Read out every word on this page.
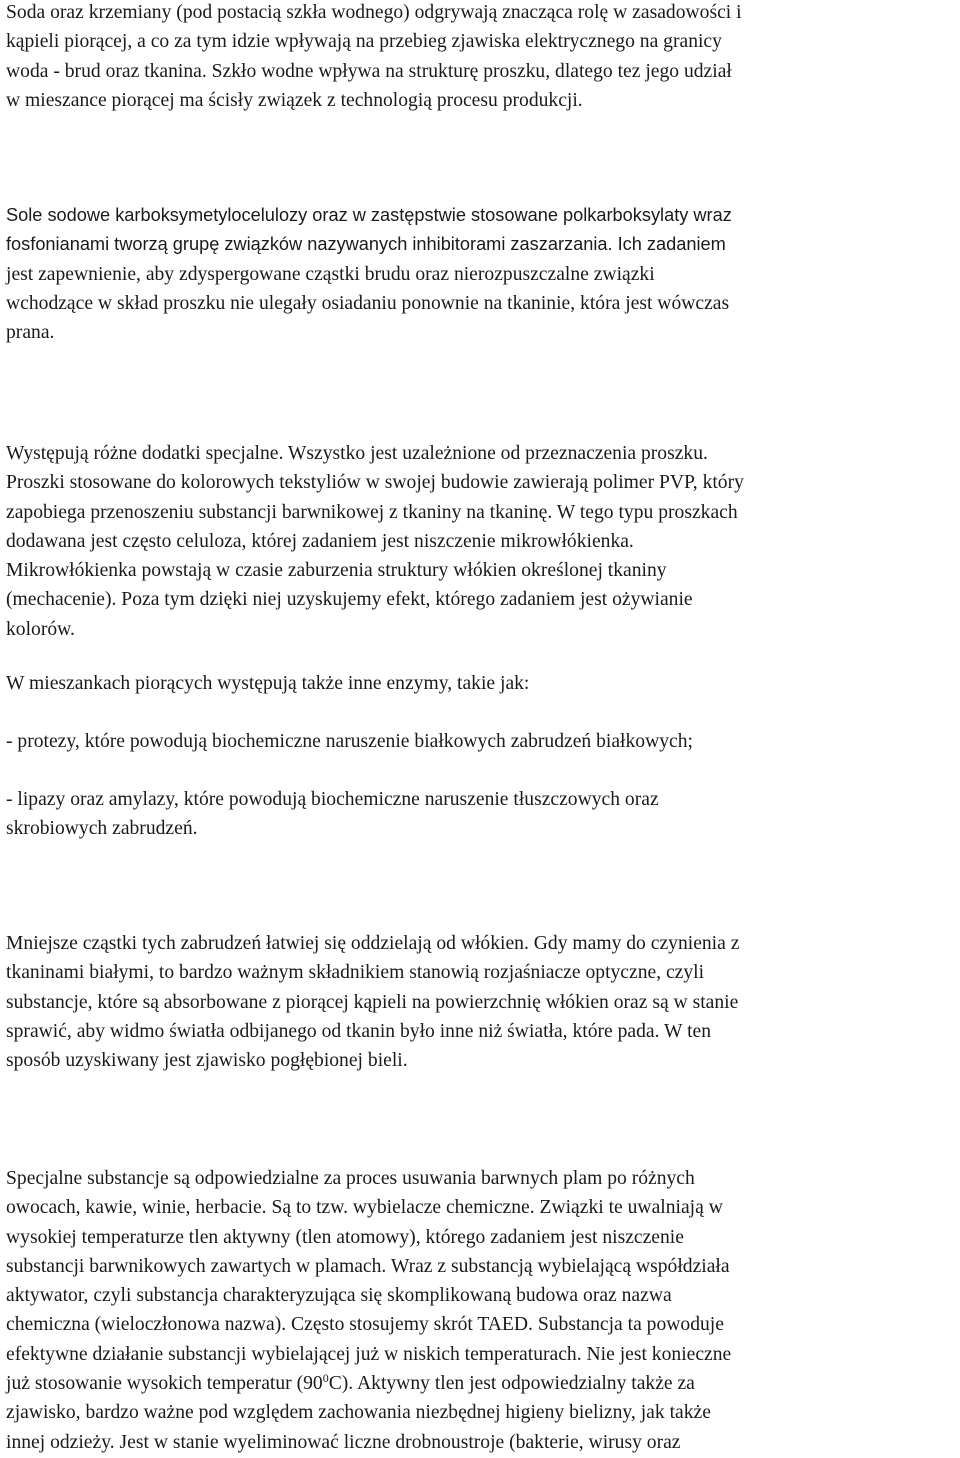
Soda oraz krzemiany (pod postacią szkła wodnego) odgrywają znacząca rolę w zasadowości i
kąpieli piorącej, a co za tym idzie wpływają na przebieg zjawiska elektrycznego na granicy
woda - brud oraz tkanina. Szkło wodne wpływa na strukturę proszku, dlatego tez jego udział
w mieszance piorącej ma ścisły związek z technologią procesu produkcji.

Sole sodowe karboksymetylocelulozy oraz w zastępstwie stosowane polkarboksylaty wraz
fosfonianami tworzą grupę związków nazywanych inhibitorami zaszarzania. Ich zadaniem
jest zapewnienie, aby zdyspergowane cząstki brudu oraz nierozpuszczalne związki
wchodzące w skład proszku nie ulegały osiadaniu ponownie na tkaninie, która jest wówczas
prana.

Występują różne dodatki specjalne. Wszystko jest uzależnione od przeznaczenia proszku.
Proszki stosowane do kolorowych tekstyliów w swojej budowie zawierają polimer PVP, który
zapobiega przenoszeniu substancji barwnikowej z tkaniny na tkaninę. W tego typu proszkach
dodawana jest często celuloza, której zadaniem jest niszczenie mikrowłókienka.
Mikrowłókienka powstają w czasie zaburzenia struktury włókien określonej tkaniny
(mechacenie). Poza tym dzięki niej uzyskujemy efekt, którego zadaniem jest ożywianie
kolorów.

W mieszankach piorących występują także inne enzymy, takie jak:

- protezy, które powodują biochemiczne naruszenie białkowych zabrudzeń białkowych;

- lipazy oraz amylazy, które powodują biochemiczne naruszenie tłuszczowych oraz
skrobiowych zabrudzeń.

Mniejsze cząstki tych zabrudzeń łatwiej się oddzielają od włókien. Gdy mamy do czynienia z
tkaninami białymi, to bardzo ważnym składnikiem stanowią rozjaśniacze optyczne, czyli
substancje, które są absorbowane z piorącej kąpieli na powierzchnię włókien oraz są w stanie
sprawić, aby widmo światła odbijanego od tkanin było inne niż światła, które pada. W ten
sposób uzyskiwany jest zjawisko pogłębionej bieli.

Specjalne substancje są odpowiedzialne za proces usuwania barwnych plam po różnych
owocach, kawie, winie, herbacie. Są to tzw. wybielacze chemiczne. Związki te uwalniają w
wysokiej temperaturze tlen aktywny (tlen atomowy), którego zadaniem jest niszczenie
substancji barwnikowych zawartych w plamach. Wraz z substancją wybielającą współdziała
aktywator, czyli substancja charakteryzująca się skomplikowaną budowa oraz nazwa
chemiczna (wieloczłonowa nazwa). Często stosujemy skrót TAED. Substancja ta powoduje
efektywne działanie substancji wybielającej już w niskich temperaturach. Nie jest konieczne
już stosowanie wysokich temperatur $(90^0C)$. Aktywny tlen jest odpowiedzialny także za
zjawisko, bardzo ważne pod względem zachowania niezbędnej higieny bielizny, jak także
innej odzieży. Jest w stanie wyeliminować liczne drobnoustroje (bakterie, wirusy oraz
